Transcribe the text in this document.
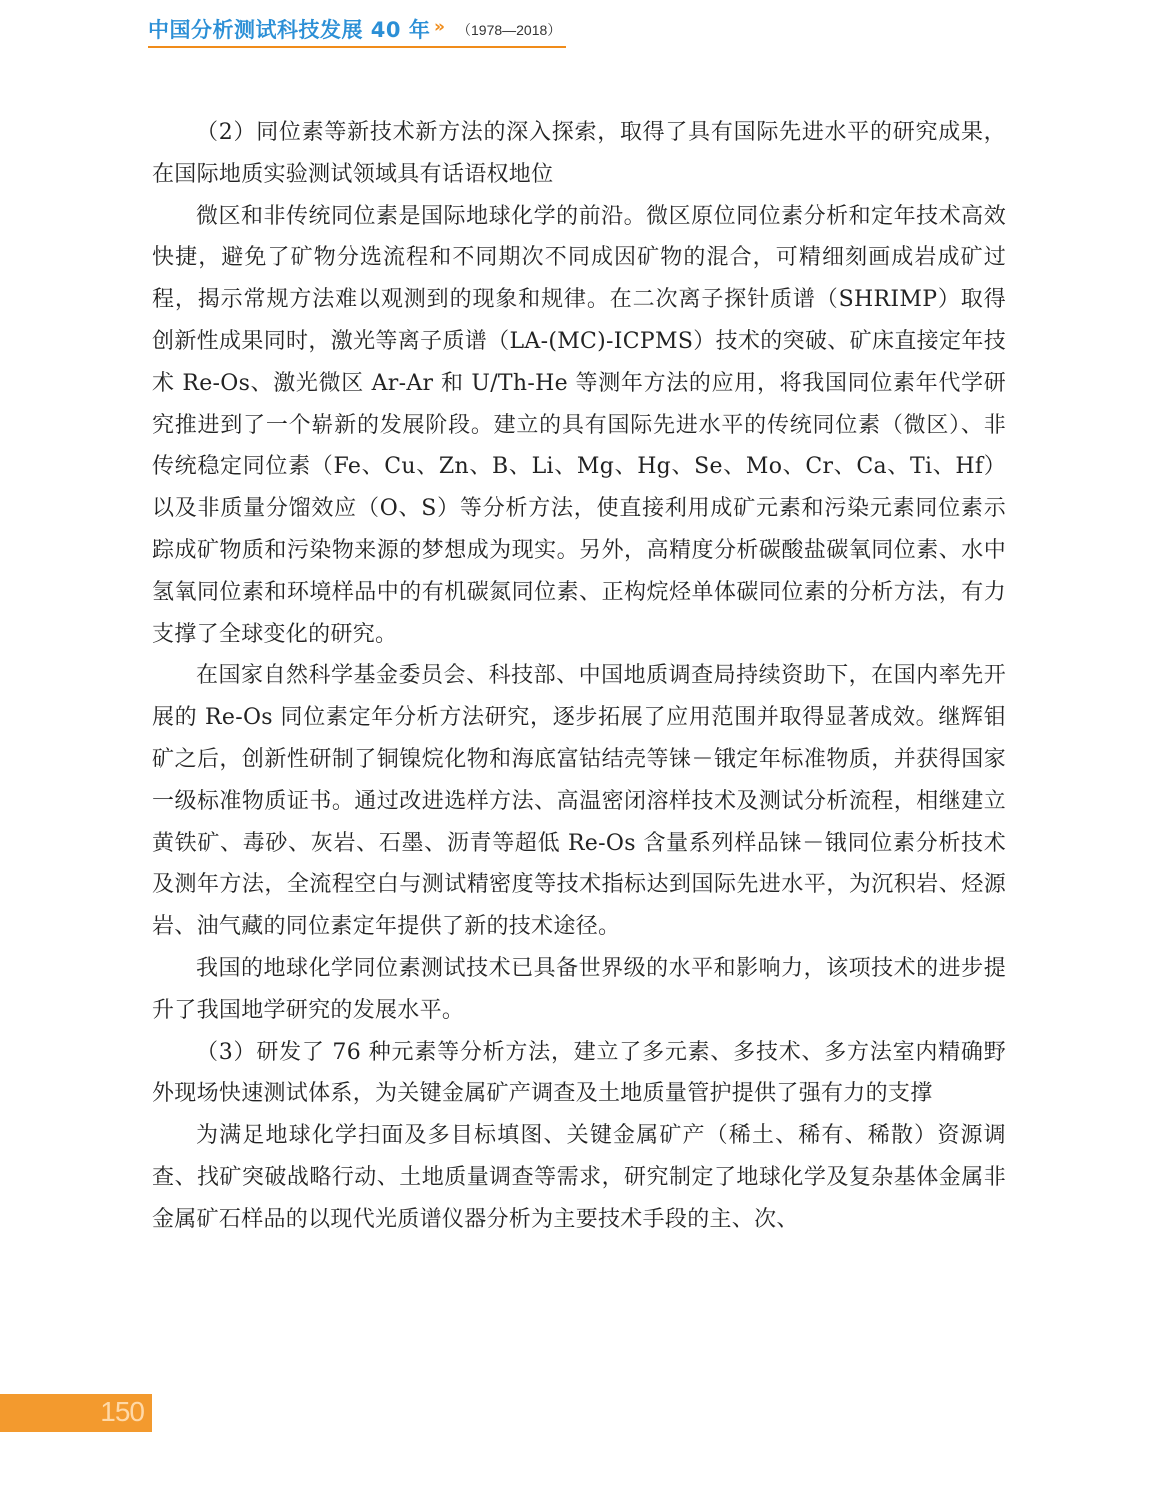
中国分析测试科技发展 40 年 » （1978—2018）

（2）同位素等新技术新方法的深入探索，取得了具有国际先进水平的研究成果，在国际地质实验测试领域具有话语权地位

微区和非传统同位素是国际地球化学的前沿。微区原位同位素分析和定年技术高效快捷，避免了矿物分选流程和不同期次不同成因矿物的混合，可精细刻画成岩成矿过程，揭示常规方法难以观测到的现象和规律。在二次离子探针质谱（SHRIMP）取得创新性成果同时，激光等离子质谱（LA-(MC)-ICPMS）技术的突破、矿床直接定年技术 Re-Os、激光微区 Ar-Ar 和 U/Th-He 等测年方法的应用，将我国同位素年代学研究推进到了一个崭新的发展阶段。建立的具有国际先进水平的传统同位素（微区）、非传统稳定同位素（Fe、Cu、Zn、B、Li、Mg、Hg、Se、Mo、Cr、Ca、Ti、Hf）以及非质量分馏效应（O、S）等分析方法，使直接利用成矿元素和污染元素同位素示踪成矿物质和污染物来源的梦想成为现实。另外，高精度分析碳酸盐碳氧同位素、水中氢氧同位素和环境样品中的有机碳氮同位素、正构烷烃单体碳同位素的分析方法，有力支撑了全球变化的研究。

在国家自然科学基金委员会、科技部、中国地质调查局持续资助下，在国内率先开展的 Re-Os 同位素定年分析方法研究，逐步拓展了应用范围并取得显著成效。继辉钼矿之后，创新性研制了铜镍烷化物和海底富钴结壳等铼－锇定年标准物质，并获得国家一级标准物质证书。通过改进选样方法、高温密闭溶样技术及测试分析流程，相继建立黄铁矿、毒砂、灰岩、石墨、沥青等超低 Re-Os 含量系列样品铼－锇同位素分析技术及测年方法，全流程空白与测试精密度等技术指标达到国际先进水平，为沉积岩、烃源岩、油气藏的同位素定年提供了新的技术途径。

我国的地球化学同位素测试技术已具备世界级的水平和影响力，该项技术的进步提升了我国地学研究的发展水平。

（3）研发了 76 种元素等分析方法，建立了多元素、多技术、多方法室内精确野外现场快速测试体系，为关键金属矿产调查及土地质量管护提供了强有力的支撑

为满足地球化学扫面及多目标填图、关键金属矿产（稀土、稀有、稀散）资源调查、找矿突破战略行动、土地质量调查等需求，研究制定了地球化学及复杂基体金属非金属矿石样品的以现代光质谱仪器分析为主要技术手段的主、次、

150
